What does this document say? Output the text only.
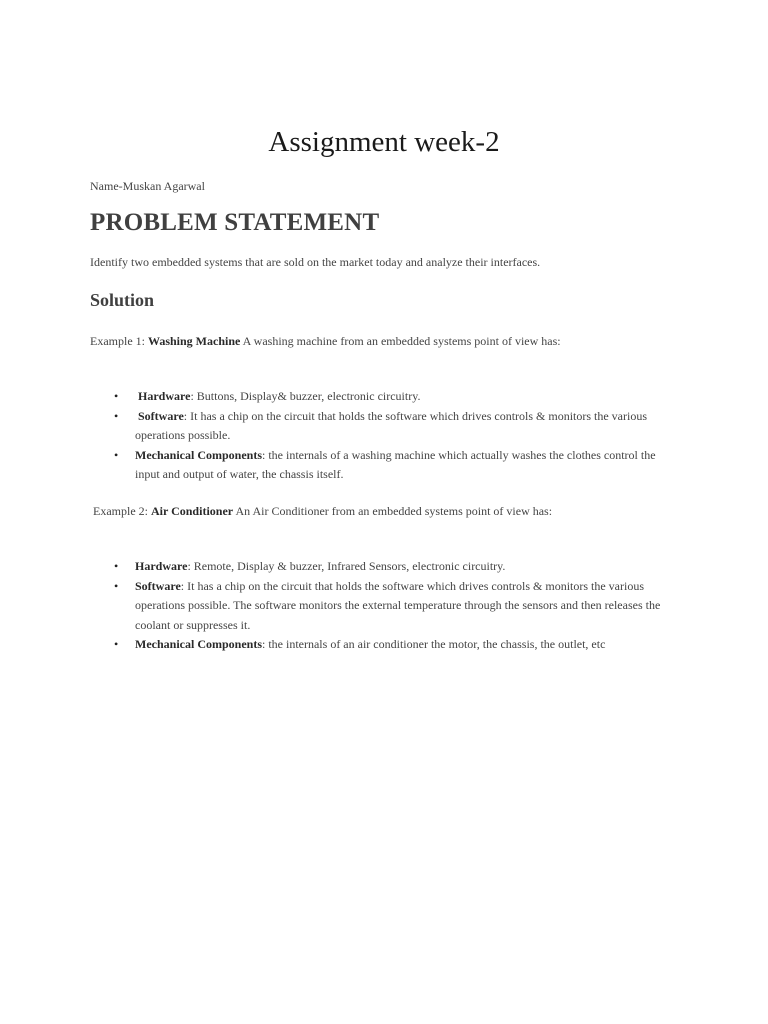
Assignment week-2

Name-Muskan Agarwal

PROBLEM STATEMENT

Identify two embedded systems that are sold on the market today and analyze their interfaces.

Solution

Example 1: Washing Machine A washing machine from an embedded systems point of view has:

• Hardware: Buttons, Display& buzzer, electronic circuitry.
• Software: It has a chip on the circuit that holds the software which drives controls & monitors the various operations possible.
• Mechanical Components: the internals of a washing machine which actually washes the clothes control the input and output of water, the chassis itself.

Example 2: Air Conditioner An Air Conditioner from an embedded systems point of view has:

• Hardware: Remote, Display & buzzer, Infrared Sensors, electronic circuitry.
• Software: It has a chip on the circuit that holds the software which drives controls & monitors the various operations possible. The software monitors the external temperature through the sensors and then releases the coolant or suppresses it.
• Mechanical Components: the internals of an air conditioner the motor, the chassis, the outlet, etc
